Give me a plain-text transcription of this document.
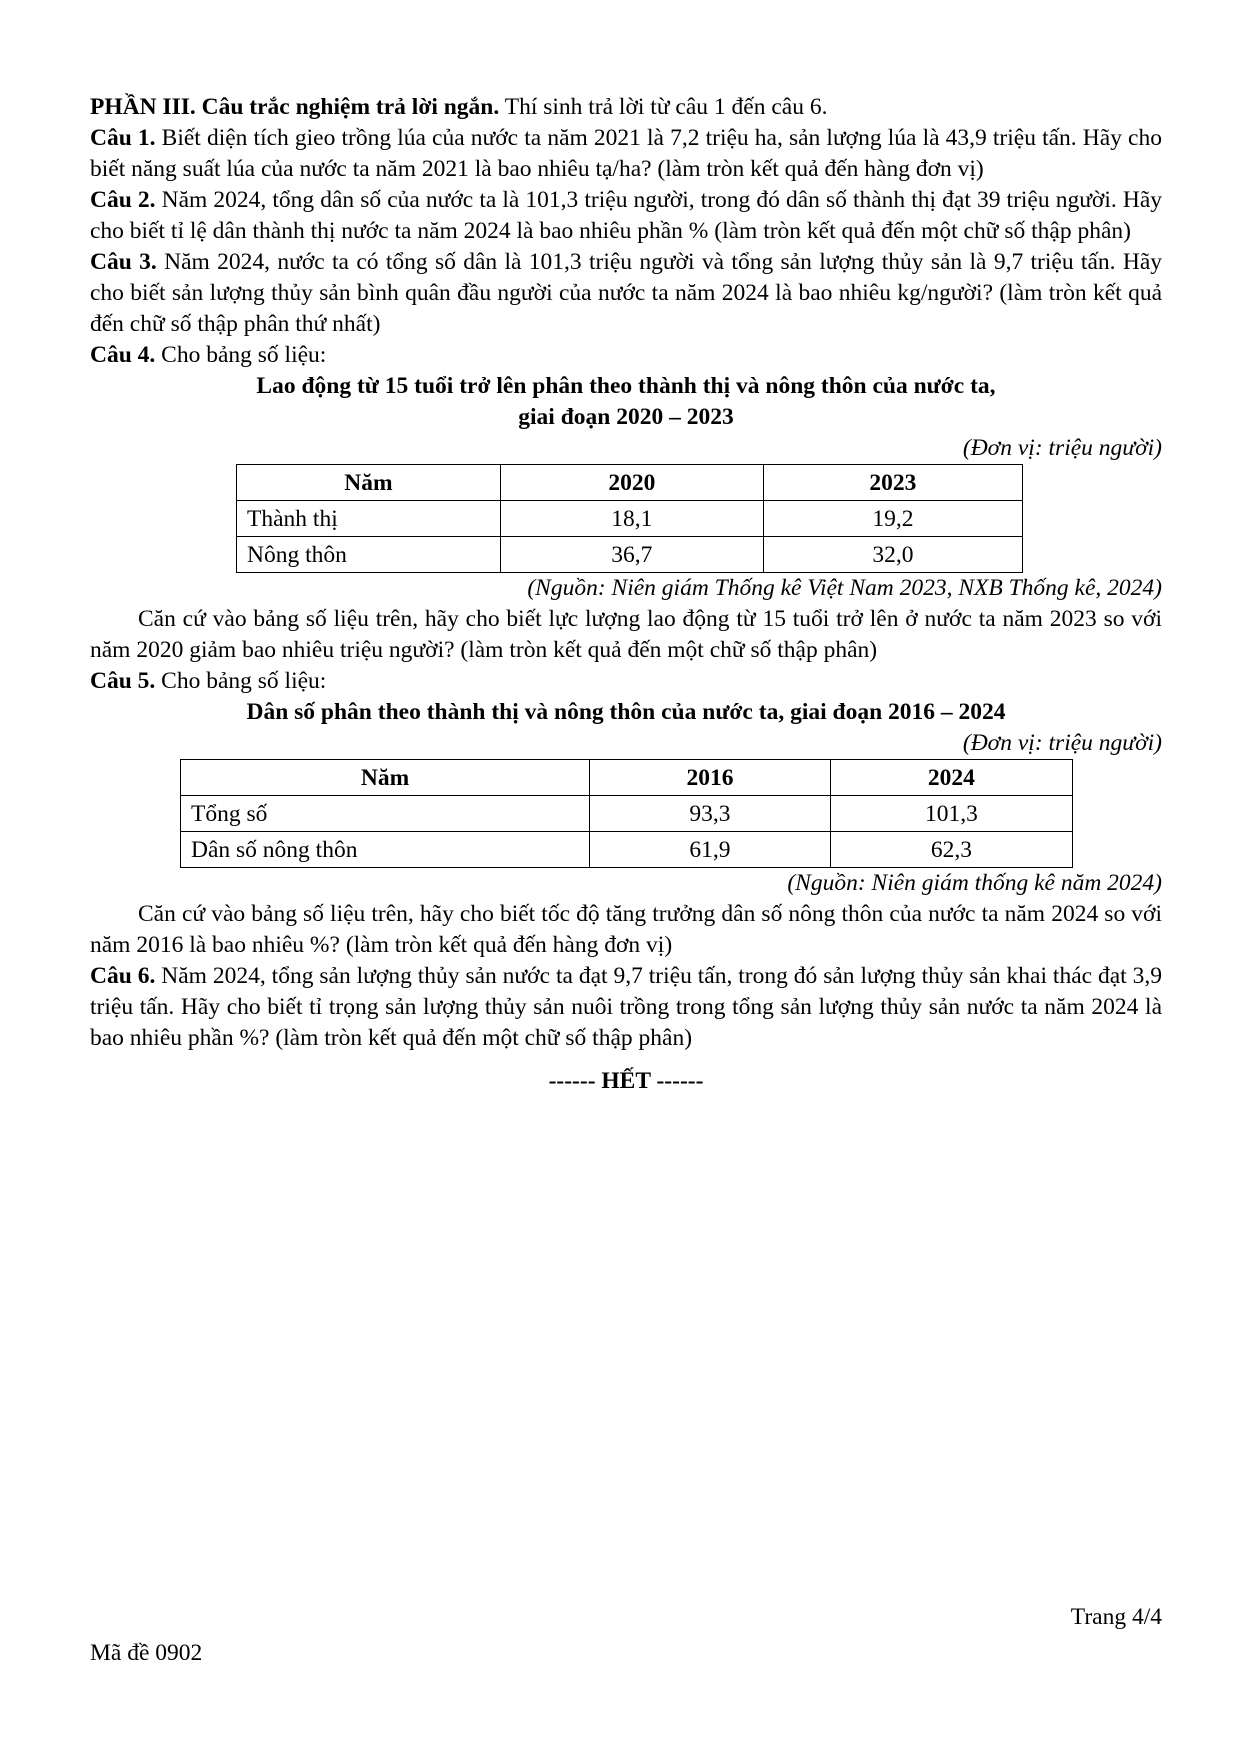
PHẦN III. Câu trắc nghiệm trả lời ngắn. Thí sinh trả lời từ câu 1 đến câu 6.

Câu 1. Biết diện tích gieo trồng lúa của nước ta năm 2021 là 7,2 triệu ha, sản lượng lúa là 43,9 triệu tấn. Hãy cho biết năng suất lúa của nước ta năm 2021 là bao nhiêu tạ/ha? (làm tròn kết quả đến hàng đơn vị)

Câu 2. Năm 2024, tổng dân số của nước ta là 101,3 triệu người, trong đó dân số thành thị đạt 39 triệu người. Hãy cho biết tỉ lệ dân thành thị nước ta năm 2024 là bao nhiêu phần % (làm tròn kết quả đến một chữ số thập phân)

Câu 3. Năm 2024, nước ta có tổng số dân là 101,3 triệu người và tổng sản lượng thủy sản là 9,7 triệu tấn. Hãy cho biết sản lượng thủy sản bình quân đầu người của nước ta năm 2024 là bao nhiêu kg/người? (làm tròn kết quả đến chữ số thập phân thứ nhất)

Câu 4. Cho bảng số liệu:

Lao động từ 15 tuổi trở lên phân theo thành thị và nông thôn của nước ta,

giai đoạn 2020 – 2023

(Đơn vị: triệu người)

Năm	2020	2023
Thành thị	18,1	19,2
Nông thôn	36,7	32,0

(Nguồn: Niên giám Thống kê Việt Nam 2023, NXB Thống kê, 2024)

Căn cứ vào bảng số liệu trên, hãy cho biết lực lượng lao động từ 15 tuổi trở lên ở nước ta năm 2023 so với năm 2020 giảm bao nhiêu triệu người? (làm tròn kết quả đến một chữ số thập phân)

Câu 5. Cho bảng số liệu:

Dân số phân theo thành thị và nông thôn của nước ta, giai đoạn 2016 – 2024

(Đơn vị: triệu người)

Năm	2016	2024
Tổng số	93,3	101,3
Dân số nông thôn	61,9	62,3

(Nguồn: Niên giám thống kê năm 2024)

Căn cứ vào bảng số liệu trên, hãy cho biết tốc độ tăng trưởng dân số nông thôn của nước ta năm 2024 so với năm 2016 là bao nhiêu %? (làm tròn kết quả đến hàng đơn vị)

Câu 6. Năm 2024, tổng sản lượng thủy sản nước ta đạt 9,7 triệu tấn, trong đó sản lượng thủy sản khai thác đạt 3,9 triệu tấn. Hãy cho biết tỉ trọng sản lượng thủy sản nuôi trồng trong tổng sản lượng thủy sản nước ta năm 2024 là bao nhiêu phần %? (làm tròn kết quả đến một chữ số thập phân)

------ HẾT ------

Trang 4/4
Mã đề 0902
